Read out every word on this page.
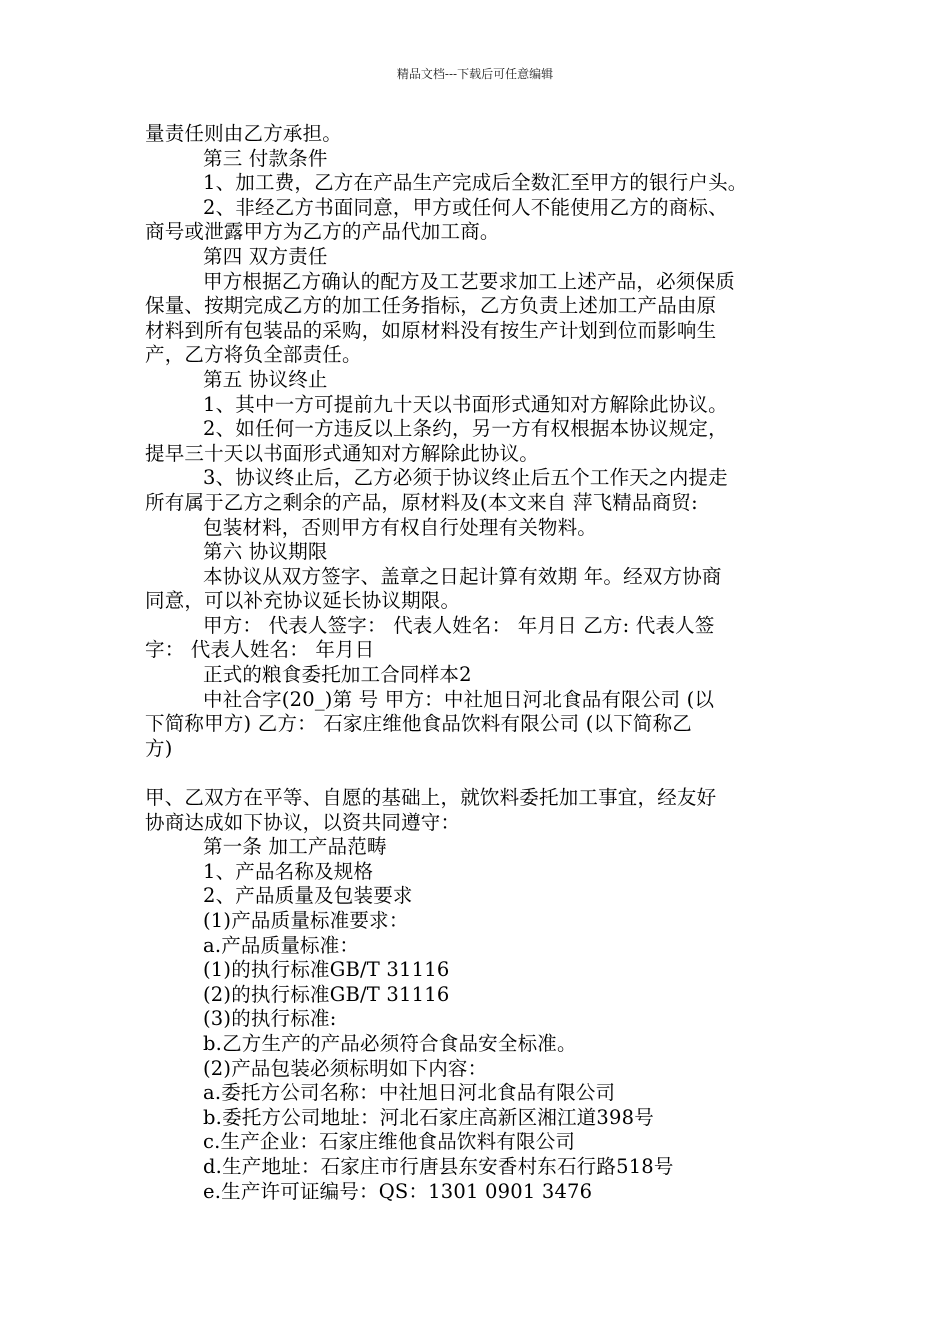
精品文档---下载后可任意编辑
量责任则由乙方承担。
第三 付款条件
1、加工费，乙方在产品生产完成后全数汇至甲方的银行户头。
2、非经乙方书面同意，甲方或任何人不能使用乙方的商标、
商号或泄露甲方为乙方的产品代加工商。
第四 双方责任
甲方根据乙方确认的配方及工艺要求加工上述产品，必须保质
保量、按期完成乙方的加工任务指标，乙方负责上述加工产品由原
材料到所有包装品的采购，如原材料没有按生产计划到位而影响生
产，乙方将负全部责任。
第五 协议终止
1、其中一方可提前九十天以书面形式通知对方解除此协议。
2、如任何一方违反以上条约，另一方有权根据本协议规定，
提早三十天以书面形式通知对方解除此协议。
3、协议终止后，乙方必须于协议终止后五个工作天之内提走
所有属于乙方之剩余的产品，原材料及(本文来自 萍飞精品商贸:
包装材料，否则甲方有权自行处理有关物料。
第六 协议期限
本协议从双方签字、盖章之日起计算有效期 年。经双方协商
同意，可以补充协议延长协议期限。
甲方： 代表人签字： 代表人姓名： 年月日 乙方: 代表人签
字： 代表人姓名： 年月日
正式的粮食委托加工合同样本2
中社合字(20_)第 号 甲方：中社旭日河北食品有限公司 (以
下简称甲方) 乙方： 石家庄维他食品饮料有限公司 (以下简称乙
方)
甲、乙双方在平等、自愿的基础上，就饮料委托加工事宜，经友好
协商达成如下协议，以资共同遵守：
第一条 加工产品范畴
1、产品名称及规格
2、产品质量及包装要求
(1)产品质量标准要求：
a.产品质量标准：
(1)的执行标准GB/T 31116
(2)的执行标准GB/T 31116
(3)的执行标准:
b.乙方生产的产品必须符合食品安全标准。
(2)产品包装必须标明如下内容：
a.委托方公司名称：中社旭日河北食品有限公司
b.委托方公司地址：河北石家庄高新区湘江道398号
c.生产企业：石家庄维他食品饮料有限公司
d.生产地址：石家庄市行唐县东安香村东石行路518号
e.生产许可证编号：QS：1301 0901 3476
